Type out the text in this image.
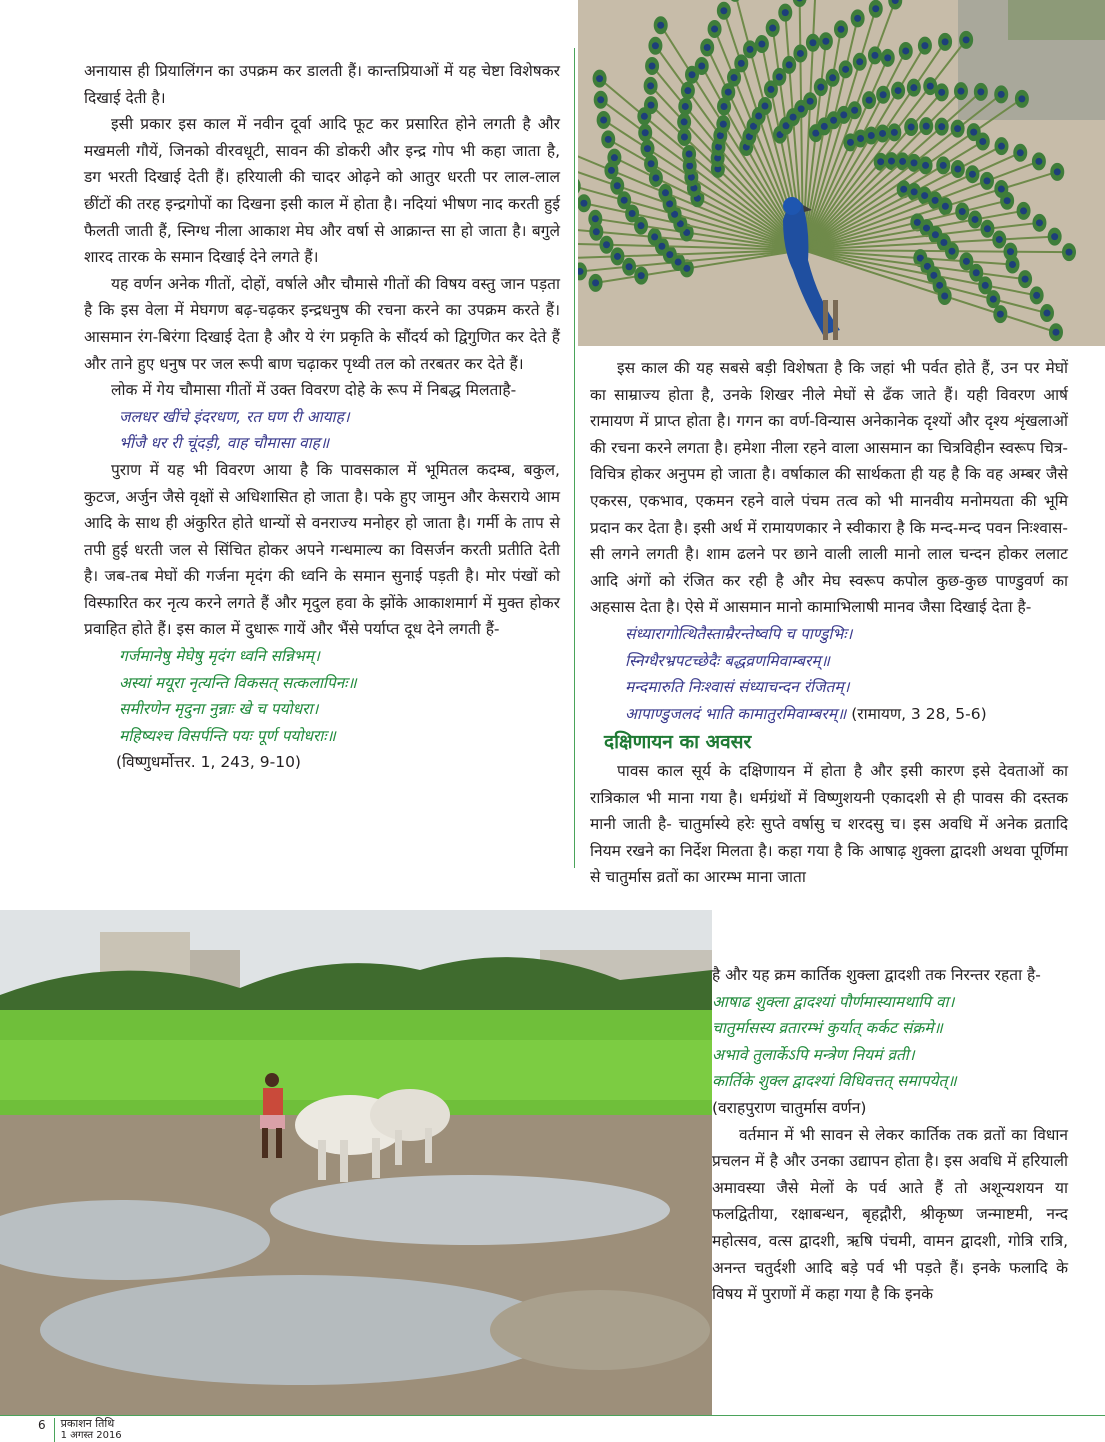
अनायास ही प्रियालिंगन का उपक्रम कर डालती हैं। कान्तप्रियाओं में यह चेष्टा विशेषकर दिखाई देती है।

इसी प्रकार इस काल में नवीन दूर्वा आदि फूट कर प्रसारित होने लगती है और मखमली गौयें, जिनको वीरवधूटी, सावन की डोकरी और इन्द्र गोप भी कहा जाता है, डग भरती दिखाई देती हैं। हरियाली की चादर ओढ़ने को आतुर धरती पर लाल-लाल छींटों की तरह इन्द्रगोपों का दिखना इसी काल में होता है। नदियां भीषण नाद करती हुई फैलती जाती हैं, स्निग्ध नीला आकाश मेघ और वर्षा से आक्रान्त सा हो जाता है। बगुले शारद तारक के समान दिखाई देने लगते हैं।

यह वर्णन अनेक गीतों, दोहों, वर्षाले और चौमासे गीतों की विषय वस्तु जान पड़ता है कि इस वेला में मेघगण बढ़-चढ़कर इन्द्रधनुष की रचना करने का उपक्रम करते हैं। आसमान रंग-बिरंगा दिखाई देता है और ये रंग प्रकृति के सौंदर्य को द्विगुणित कर देते हैं और ताने हुए धनुष पर जल रूपी बाण चढ़ाकर पृथ्वी तल को तरबतर कर देते हैं।

लोक में गेय चौमासा गीतों में उक्त विवरण दोहे के रूप में निबद्ध मिलताहै-

जलधर खींचे इंदरधण, रत घण री आयाह।

भींजै धर री चूंदड़ी, वाह चौमासा वाह॥

पुराण में यह भी विवरण आया है कि पावसकाल में भूमितल कदम्ब, बकुल, कुटज, अर्जुन जैसे वृक्षों से अधिशासित हो जाता है। पके हुए जामुन और केसराये आम आदि के साथ ही अंकुरित होते धान्यों से वनराज्य मनोहर हो जाता है। गर्मी के ताप से तपी हुई धरती जल से सिंचित होकर अपने गन्धमाल्य का विसर्जन करती प्रतीति देती है। जब-तब मेघों की गर्जना मृदंग की ध्वनि के समान सुनाई पड़ती है। मोर पंखों को विस्फारित कर नृत्य करने लगते हैं और मृदुल हवा के झोंके आकाशमार्ग में मुक्त होकर प्रवाहित होते हैं। इस काल में दुधारू गायें और भैंसे पर्याप्त दूध देने लगती हैं-

गर्जमानेषु मेघेषु मृदंग ध्वनि सन्निभम्।

अस्यां मयूरा नृत्यन्ति विकसत् सत्कलापिनः॥

समीरणेन मृदुना नुन्नाः खे च पयोधरा।

महिष्यश्च विसर्पन्ति पयः पूर्ण पयोधराः॥

(विष्णुधर्मोत्तर. 1, 243, 9-10)

इस काल की यह सबसे बड़ी विशेषता है कि जहां भी पर्वत होते हैं, उन पर मेघों का साम्राज्य होता है, उनके शिखर नीले मेघों से ढँक जाते हैं। यही विवरण आर्ष रामायण में प्राप्त होता है। गगन का वर्ण-विन्यास अनेकानेक दृश्यों और दृश्य शृंखलाओं की रचना करने लगता है। हमेशा नीला रहने वाला आसमान का चित्रविहीन स्वरूप चित्र-विचित्र होकर अनुपम हो जाता है। वर्षाकाल की सार्थकता ही यह है कि वह अम्बर जैसे एकरस, एकभाव, एकमन रहने वाले पंचम तत्व को भी मानवीय मनोमयता की भूमि प्रदान कर देता है। इसी अर्थ में रामायणकार ने स्वीकारा है कि मन्द-मन्द पवन निःश्वास-सी लगने लगती है। शाम ढलने पर छाने वाली लाली मानो लाल चन्दन होकर ललाट आदि अंगों को रंजित कर रही है और मेघ स्वरूप कपोल कुछ-कुछ पाण्डुवर्ण का अहसास देता है। ऐसे में आसमान मानो कामाभिलाषी मानव जैसा दिखाई देता है-

संध्यारागोत्थितैस्ताम्रैरन्तेष्वपि च पाण्डुभिः।

स्निग्धैरभ्रपटच्छेदैः बद्धव्रणमिवाम्बरम्॥

मन्दमारुति निःश्वासं संध्याचन्दन रंजितम्।

आपाण्डुजलदं भाति कामातुरमिवाम्बरम्॥ (रामायण, 3 28, 5-6)

दक्षिणायन का अवसर

पावस काल सूर्य के दक्षिणायन में होता है और इसी कारण इसे देवताओं का रात्रिकाल भी माना गया है। धर्मग्रंथों में विष्णुशयनी एकादशी से ही पावस की दस्तक मानी जाती है- चातुर्मास्ये हरेः सुप्ते वर्षासु च शरदसु च। इस अवधि में अनेक व्रतादि नियम रखने का निर्देश मिलता है। कहा गया है कि आषाढ़ शुक्ला द्वादशी अथवा पूर्णिमा से चातुर्मास व्रतों का आरम्भ माना जाता

है और यह क्रम कार्तिक शुक्ला द्वादशी तक निरन्तर रहता है-

आषाढ शुक्ला द्वादश्यां पौर्णमास्यामथापि वा।

चातुर्मासस्य व्रतारम्भं कुर्यात् कर्कट संक्रमे॥

अभावे तुलार्केऽपि मन्त्रेण नियमं व्रती।

कार्तिके शुक्ल द्वादश्यां विधिवत्तत् समापयेत्॥

(वराहपुराण चातुर्मास वर्णन)

वर्तमान में भी सावन से लेकर कार्तिक तक व्रतों का विधान प्रचलन में है और उनका उद्यापन होता है। इस अवधि में हरियाली अमावस्या जैसे मेलों के पर्व आते हैं तो अशून्यशयन या फलद्वितीया, रक्षाबन्धन, बृहद्गौरी, श्रीकृष्ण जन्माष्टमी, नन्द महोत्सव, वत्स द्वादशी, ऋषि पंचमी, वामन द्वादशी, गोत्रि रात्रि, अनन्त चतुर्दशी आदि बड़े पर्व भी पड़ते हैं। इनके फलादि के विषय में पुराणों में कहा गया है कि इनके

6 प्रकाशन तिथि
1 अगस्त 2016
